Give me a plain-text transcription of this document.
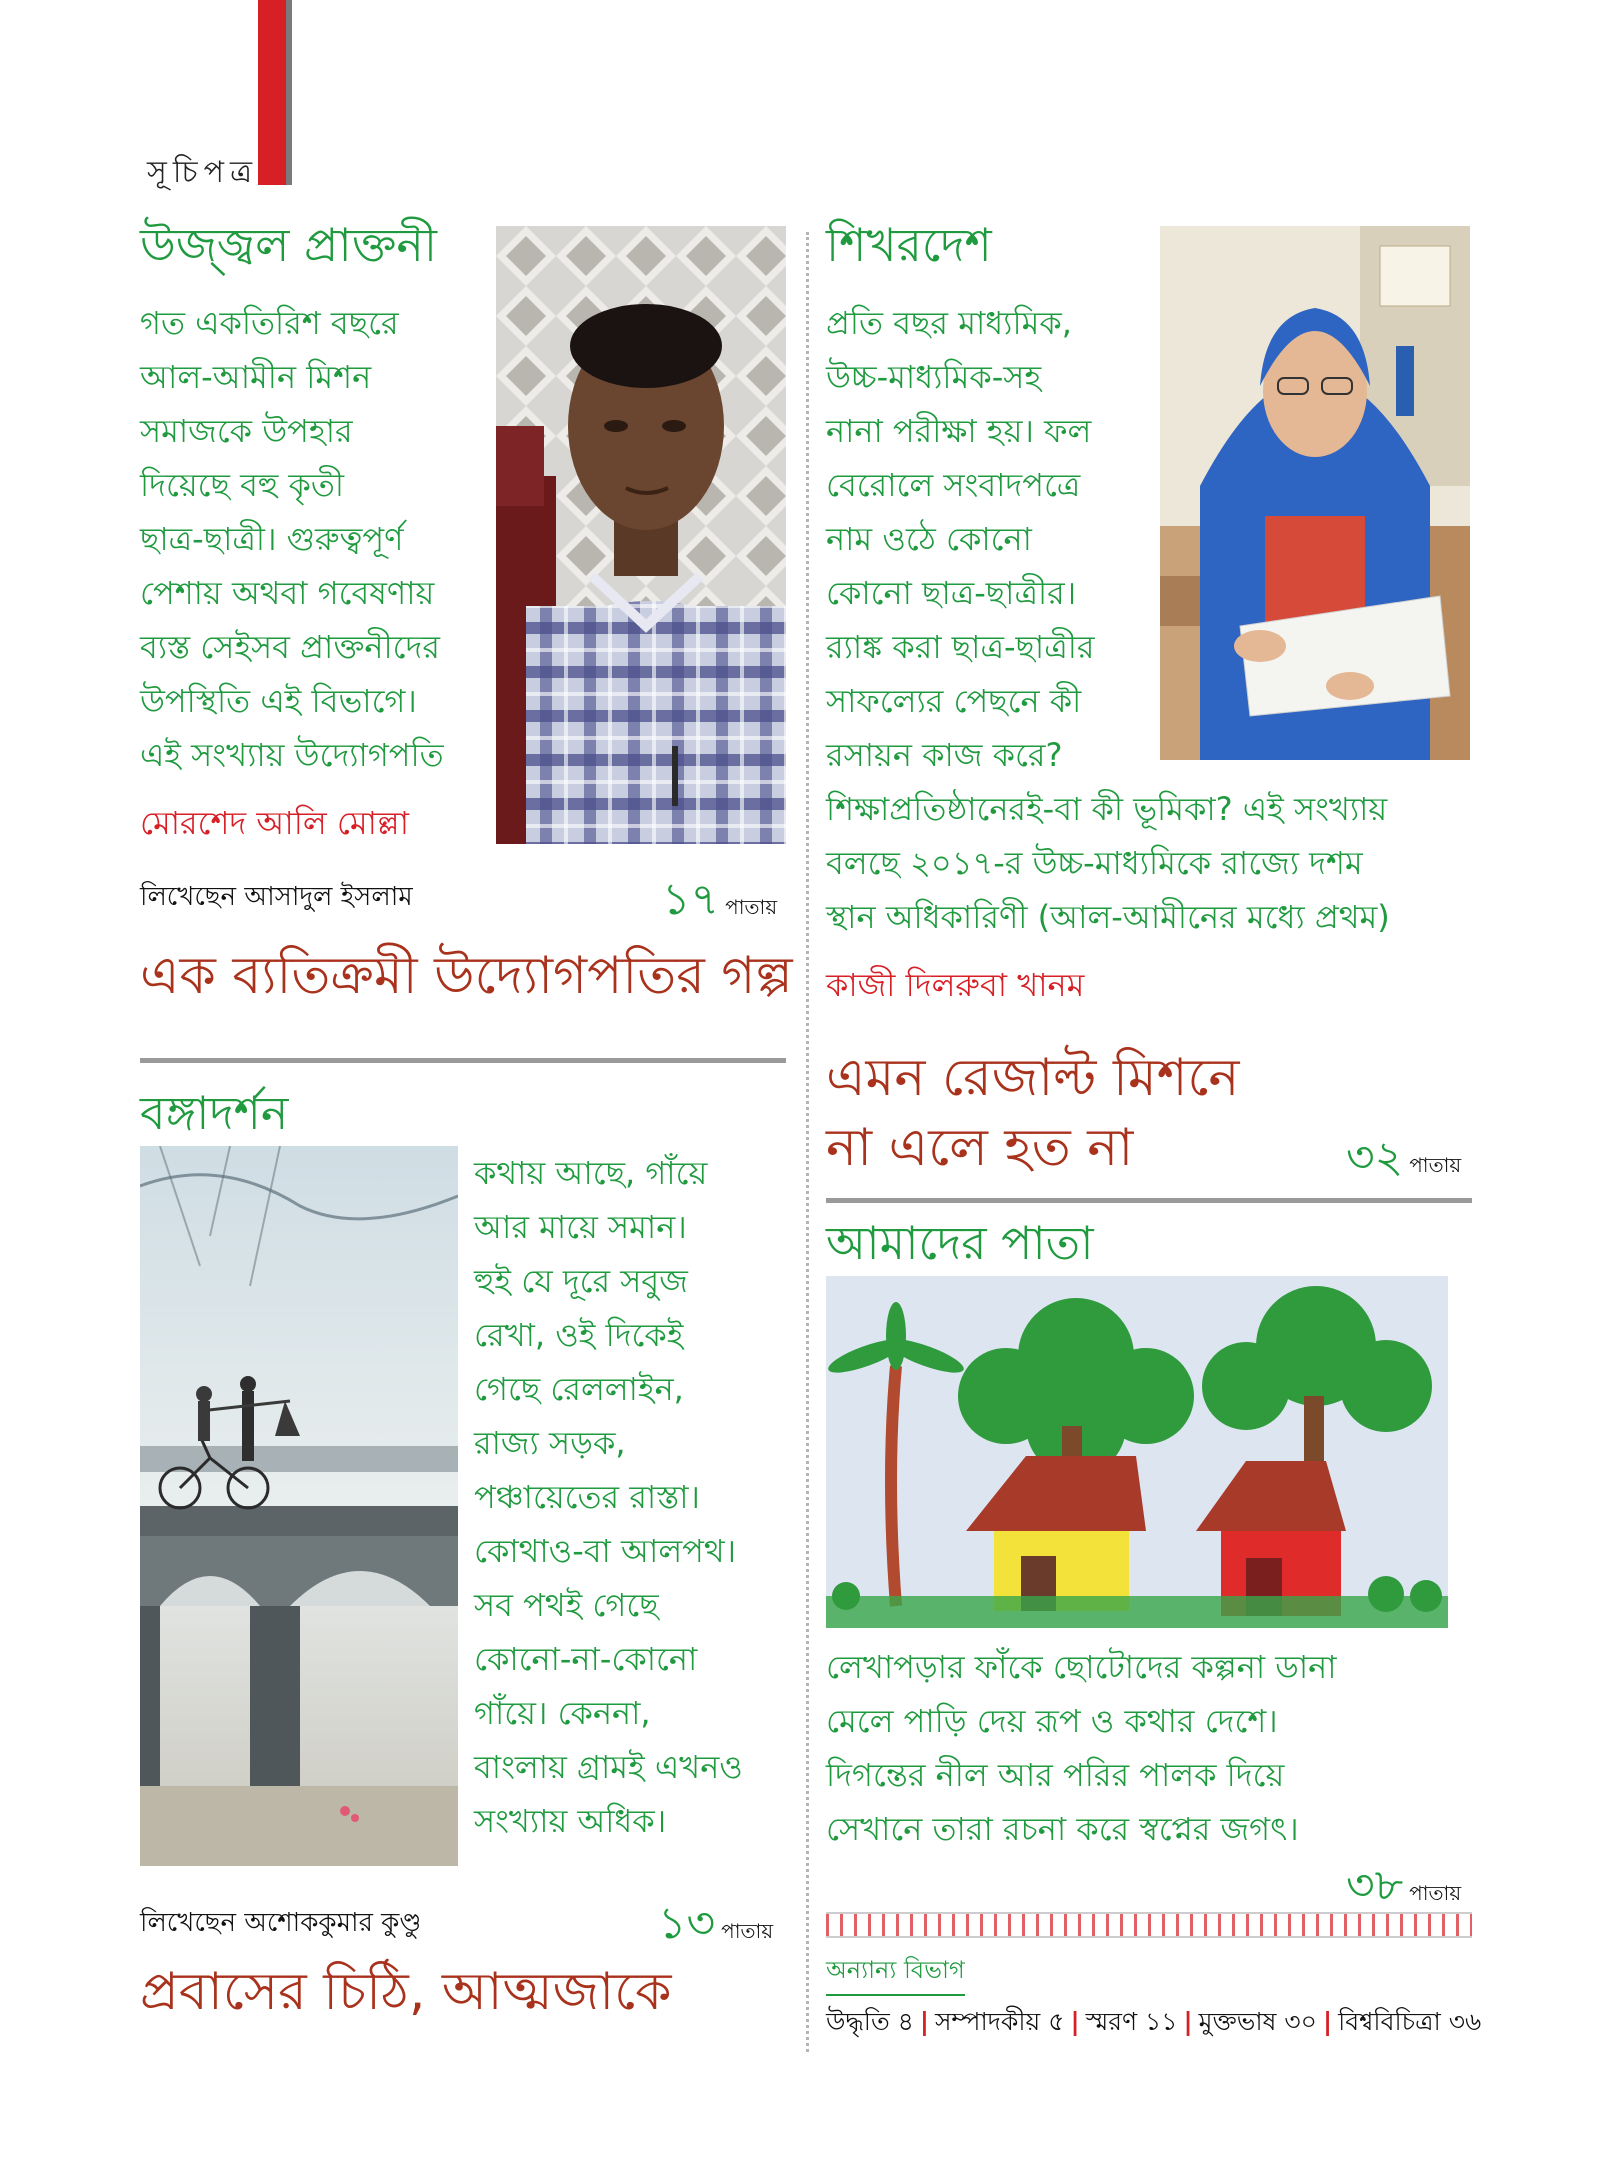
সূচিপত্র
উজ্জ্বল প্রাক্তনী
গত একতিরিশ বছরে
আল-আমীন মিশন
সমাজকে উপহার
দিয়েছে বহু কৃতী
ছাত্র-ছাত্রী। গুরুত্বপূর্ণ
পেশায় অথবা গবেষণায়
ব্যস্ত সেইসব প্রাক্তনীদের
উপস্থিতি এই বিভাগে।
এই সংখ্যায় উদ্যোগপতি
মোরশেদ আলি মোল্লা
লিখেছেন আসাদুল ইসলাম	১৭ পাতায়
এক ব্যতিক্রমী উদ্যোগপতির গল্প
শিখরদেশ
প্রতি বছর মাধ্যমিক,
উচ্চ-মাধ্যমিক-সহ
নানা পরীক্ষা হয়। ফল
বেরোলে সংবাদপত্রে
নাম ওঠে কোনো
কোনো ছাত্র-ছাত্রীর।
র‍্যাঙ্ক করা ছাত্র-ছাত্রীর
সাফল্যের পেছনে কী
রসায়ন কাজ করে?
শিক্ষাপ্রতিষ্ঠানেরই-বা কী ভূমিকা? এই সংখ্যায়
বলছে ২০১৭-র উচ্চ-মাধ্যমিকে রাজ্যে দশম
স্থান অধিকারিণী (আল-আমীনের মধ্যে প্রথম)
কাজী দিলরুবা খানম
এমন রেজাল্ট মিশনে
না এলে হত না	৩২ পাতায়
বঙ্গাদর্শন
কথায় আছে, গাঁয়ে
আর মায়ে সমান।
হুই যে দূরে সবুজ
রেখা, ওই দিকেই
গেছে রেললাইন,
রাজ্য সড়ক,
পঞ্চায়েতের রাস্তা।
কোথাও-বা আলপথ।
সব পথই গেছে
কোনো-না-কোনো
গাঁয়ে। কেননা,
বাংলায় গ্রামই এখনও
সংখ্যায় অধিক।
লিখেছেন অশোককুমার কুণ্ডু	১৩ পাতায়
প্রবাসের চিঠি, আত্মজাকে
আমাদের পাতা
লেখাপড়ার ফাঁকে ছোটোদের কল্পনা ডানা
মেলে পাড়ি দেয় রূপ ও কথার দেশে।
দিগন্তের নীল আর পরির পালক দিয়ে
সেখানে তারা রচনা করে স্বপ্নের জগৎ।
৩৮ পাতায়
অন্যান্য বিভাগ
উদ্ধৃতি ৪ | সম্পাদকীয় ৫ | স্মরণ ১১ | মুক্তভাষ ৩০ | বিশ্ববিচিত্রা ৩৬
